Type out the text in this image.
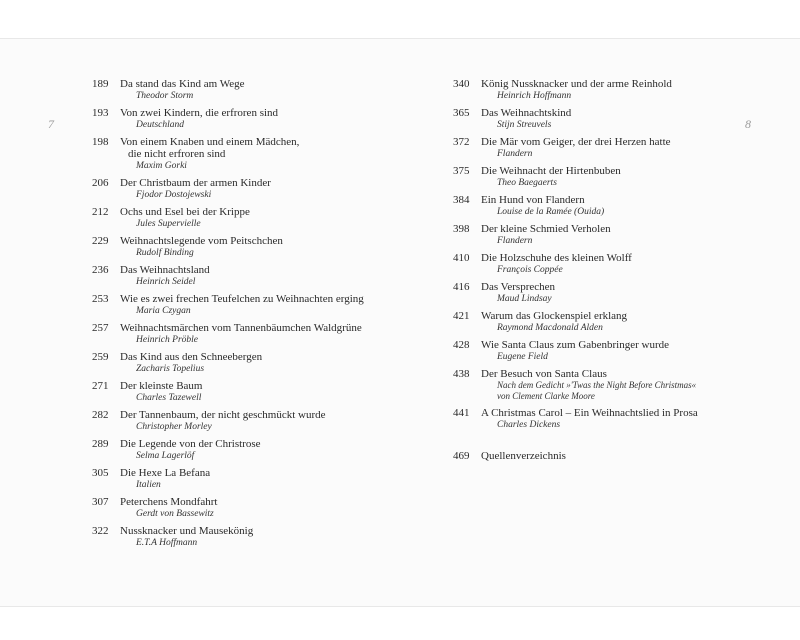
7	8
189	Da stand das Kind am Wege
Theodor Storm
193	Von zwei Kindern, die erfroren sind
Deutschland
198	Von einem Knaben und einem Mädchen,
die nicht erfroren sind
Maxim Gorki
206	Der Christbaum der armen Kinder
Fjodor Dostojewski
212	Ochs und Esel bei der Krippe
Jules Supervielle
229	Weihnachtslegende vom Peitschchen
Rudolf Binding
236	Das Weihnachtsland
Heinrich Seidel
253	Wie es zwei frechen Teufelchen zu Weihnachten erging
Maria Czygan
257	Weihnachtsmärchen vom Tannenbäumchen Waldgrüne
Heinrich Pröble
259	Das Kind aus den Schneebergen
Zacharis Topelius
271	Der kleinste Baum
Charles Tazewell
282	Der Tannenbaum, der nicht geschmückt wurde
Christopher Morley
289	Die Legende von der Christrose
Selma Lagerlöf
305	Die Hexe La Befana
Italien
307	Peterchens Mondfahrt
Gerdt von Bassewitz
322	Nussknacker und Mausekönig
E.T.A Hoffmann
340	König Nussknacker und der arme Reinhold
Heinrich Hoffmann
365	Das Weihnachtskind
Stijn Streuvels
372	Die Mär vom Geiger, der drei Herzen hatte
Flandern
375	Die Weihnacht der Hirtenbuben
Theo Baegaerts
384	Ein Hund von Flandern
Louise de la Ramée (Ouida)
398	Der kleine Schmied Verholen
Flandern
410	Die Holzschuhe des kleinen Wolff
François Coppée
416	Das Versprechen
Maud Lindsay
421	Warum das Glockenspiel erklang
Raymond Macdonald Alden
428	Wie Santa Claus zum Gabenbringer wurde
Eugene Field
438	Der Besuch von Santa Claus
Nach dem Gedicht »'Twas the Night Before Christmas«
von Clement Clarke Moore
441	A Christmas Carol – Ein Weihnachtslied in Prosa
Charles Dickens
469	Quellenverzeichnis
